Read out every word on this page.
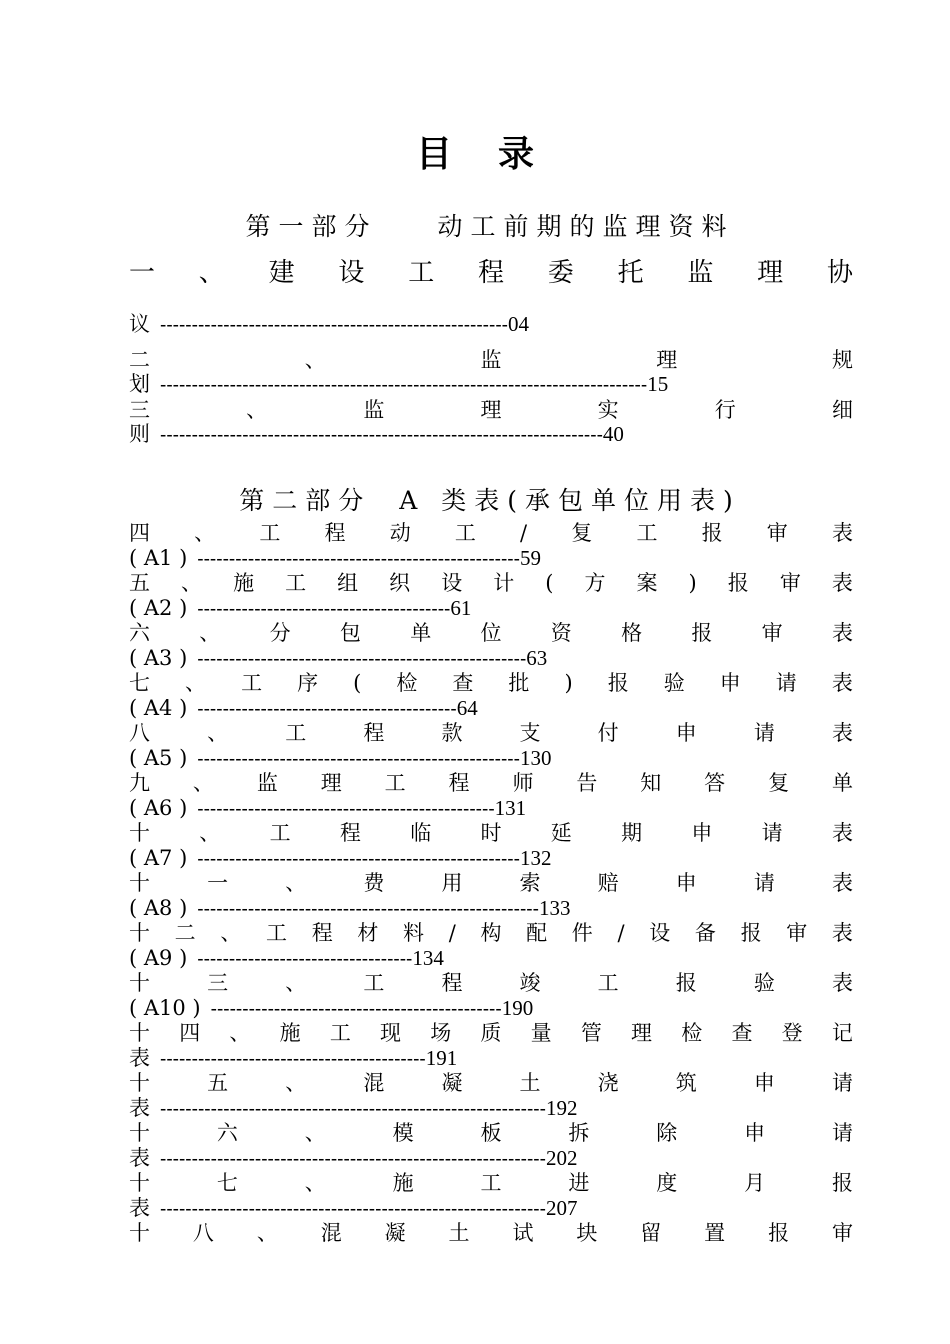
目 录
第一部分 动工前期的监理资料
一 、 建 设 工 程 委 托 监 理 协
议 -------------------------------------------------------04
二	、	监	理	规
划 -----------------------------------------------------------------------------15
三	、	监	理	实	行	细
则 ----------------------------------------------------------------------40
第二部分 A 类表(承包单位用表)
四 、 工 程 动 工 / 复 工 报 审 表
( A1 ) ---------------------------------------------------59
五 、 施 工 组 织 设 计 ( 方 案 ) 报 审 表
( A2 ) ----------------------------------------61
六 、 分 包 单 位 资 格 报 审 表
( A3 ) ----------------------------------------------------63
七 、 工 序 ( 检 查 批 ) 报 验 申 请 表
( A4 ) -----------------------------------------64
八	、	工	程	款	支	付	申	请	表
( A5 ) ---------------------------------------------------130
九 、 监 理 工 程 师 告 知 答 复 单
( A6 ) -----------------------------------------------131
十 、 工 程 临 时 延 期 申 请 表
( A7 ) ---------------------------------------------------132
十	一	、	费	用	索	赔	申	请	表
( A8 ) ------------------------------------------------------133
十 二 、 工 程 材 料 / 构 配 件 / 设 备 报 审 表
( A9 ) ----------------------------------134
十	三	、	工	程	竣	工	报	验	表
( A10 ) ----------------------------------------------190
十 四 、 施 工 现 场 质 量 管 理 检 查 登 记
表 ------------------------------------------191
十	五	、	混	凝	土	浇	筑	申	请
表 -------------------------------------------------------------192
十	六	、	模	板	拆	除	申	请
表 -------------------------------------------------------------202
十	七	、	施	工	进	度	月	报
表 -------------------------------------------------------------207
十 八 、 混 凝 土 试 块 留 置 报 审
